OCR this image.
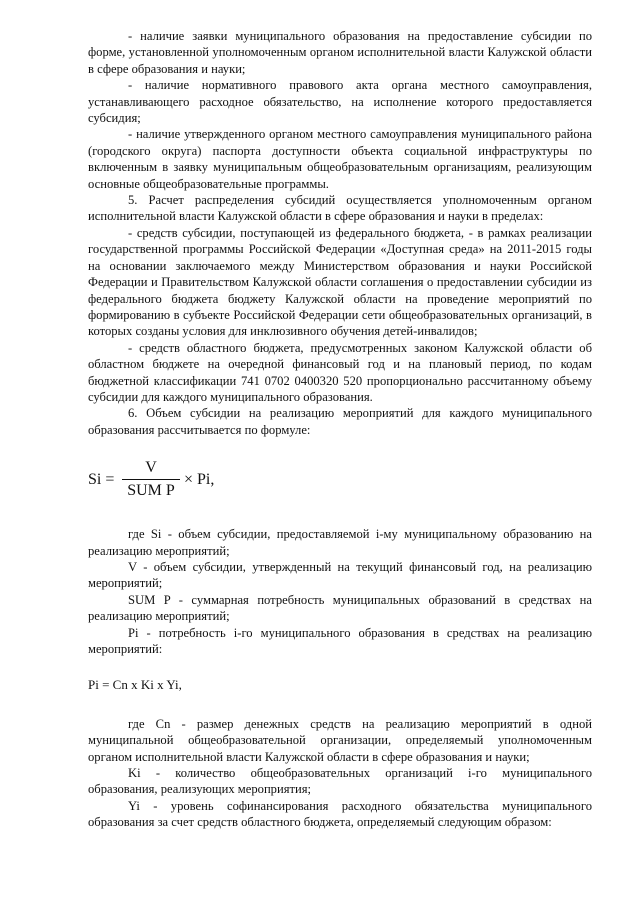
- наличие заявки муниципального образования на предоставление субсидии по форме, установленной уполномоченным органом исполнительной власти Калужской области в сфере образования и науки;

- наличие нормативного правового акта органа местного самоуправления, устанавливающего расходное обязательство, на исполнение которого предоставляется субсидия;

- наличие утвержденного органом местного самоуправления муниципального района (городского округа) паспорта доступности объекта социальной инфраструктуры по включенным в заявку муниципальным общеобразовательным организациям, реализующим основные общеобразовательные программы.

5. Расчет распределения субсидий осуществляется уполномоченным органом исполнительной власти Калужской области в сфере образования и науки в пределах:

- средств субсидии, поступающей из федерального бюджета, - в рамках реализации государственной программы Российской Федерации «Доступная среда» на 2011-2015 годы на основании заключаемого между Министерством образования и науки Российской Федерации и Правительством Калужской области соглашения о предоставлении субсидии из федерального бюджета бюджету Калужской области на проведение мероприятий по формированию в субъекте Российской Федерации сети общеобразовательных организаций, в которых созданы условия для инклюзивного обучения детей-инвалидов;

- средств областного бюджета, предусмотренных законом Калужской области об областном бюджете на очередной финансовый год и на плановый период, по кодам бюджетной классификации 741 0702 0400320 520 пропорционально рассчитанному объему субсидии для каждого муниципального образования.

6. Объем субсидии на реализацию мероприятий для каждого муниципального образования рассчитывается по формуле:

Si =
V
SUM P
× Pi,

где Si - объем субсидии, предоставляемой i-му муниципальному образованию на реализацию мероприятий;

V - объем субсидии, утвержденный на текущий финансовый год, на реализацию мероприятий;

SUM P - суммарная потребность муниципальных образований в средствах на реализацию мероприятий;

Pi - потребность i-го муниципального образования в средствах на реализацию мероприятий:

Pi = Cn x Ki x Yi,

где Cn - размер денежных средств на реализацию мероприятий в одной муниципальной общеобразовательной организации, определяемый уполномоченным органом исполнительной власти Калужской области в сфере образования и науки;

Ki - количество общеобразовательных организаций i-го муниципального образования, реализующих мероприятия;

Yi - уровень софинансирования расходного обязательства муниципального образования за счет средств областного бюджета, определяемый следующим образом:
